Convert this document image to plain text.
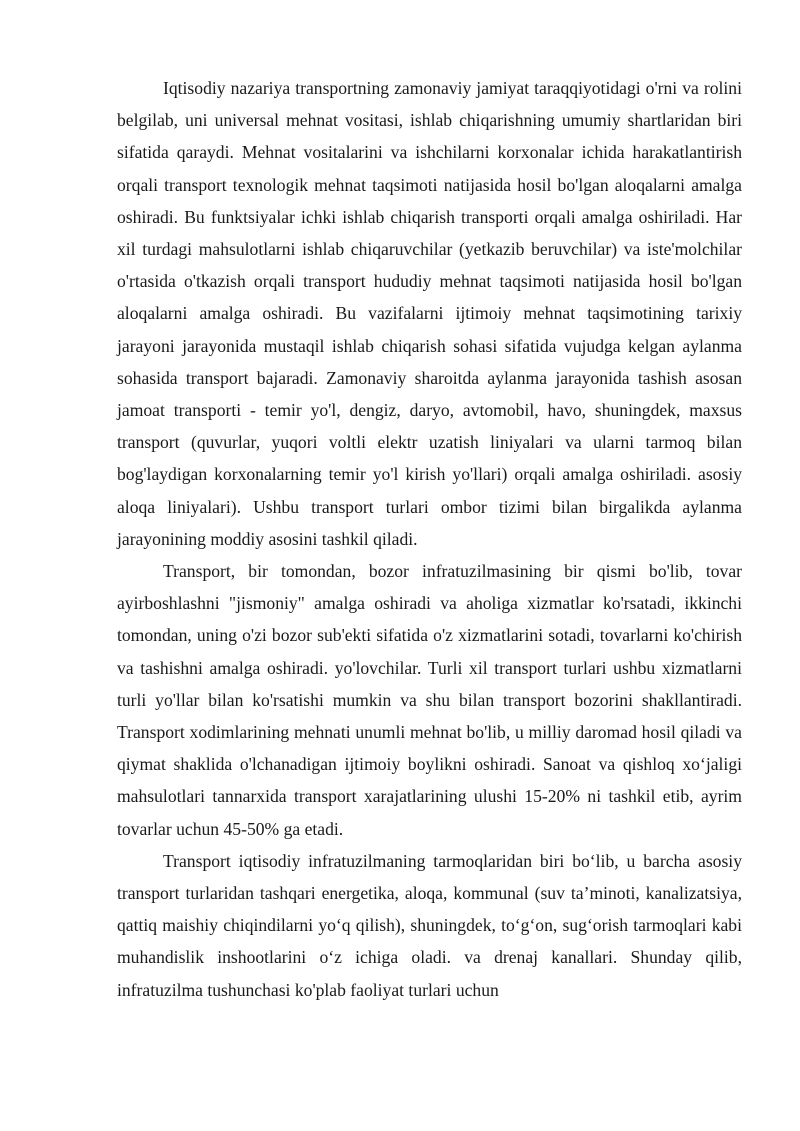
Iqtisodiy nazariya transportning zamonaviy jamiyat taraqqiyotidagi o'rni va rolini belgilab, uni universal mehnat vositasi, ishlab chiqarishning umumiy shartlaridan biri sifatida qaraydi. Mehnat vositalarini va ishchilarni korxonalar ichida harakatlantirish orqali transport texnologik mehnat taqsimoti natijasida hosil bo'lgan aloqalarni amalga oshiradi. Bu funktsiyalar ichki ishlab chiqarish transporti orqali amalga oshiriladi. Har xil turdagi mahsulotlarni ishlab chiqaruvchilar (yetkazib beruvchilar) va iste'molchilar o'rtasida o'tkazish orqali transport hududiy mehnat taqsimoti natijasida hosil bo'lgan aloqalarni amalga oshiradi. Bu vazifalarni ijtimoiy mehnat taqsimotining tarixiy jarayoni jarayonida mustaqil ishlab chiqarish sohasi sifatida vujudga kelgan aylanma sohasida transport bajaradi. Zamonaviy sharoitda aylanma jarayonida tashish asosan jamoat transporti - temir yo'l, dengiz, daryo, avtomobil, havo, shuningdek, maxsus transport (quvurlar, yuqori voltli elektr uzatish liniyalari va ularni tarmoq bilan bog'laydigan korxonalarning temir yo'l kirish yo'llari) orqali amalga oshiriladi. asosiy aloqa liniyalari). Ushbu transport turlari ombor tizimi bilan birgalikda aylanma jarayonining moddiy asosini tashkil qiladi.

Transport, bir tomondan, bozor infratuzilmasining bir qismi bo'lib, tovar ayirboshlashni "jismoniy" amalga oshiradi va aholiga xizmatlar ko'rsatadi, ikkinchi tomondan, uning o'zi bozor sub'ekti sifatida o'z xizmatlarini sotadi, tovarlarni ko'chirish va tashishni amalga oshiradi. yo'lovchilar. Turli xil transport turlari ushbu xizmatlarni turli yo'llar bilan ko'rsatishi mumkin va shu bilan transport bozorini shakllantiradi. Transport xodimlarining mehnati unumli mehnat bo'lib, u milliy daromad hosil qiladi va qiymat shaklida o'lchanadigan ijtimoiy boylikni oshiradi. Sanoat va qishloq xo‘jaligi mahsulotlari tannarxida transport xarajatlarining ulushi 15-20% ni tashkil etib, ayrim tovarlar uchun 45-50% ga etadi.

Transport iqtisodiy infratuzilmaning tarmoqlaridan biri bo‘lib, u barcha asosiy transport turlaridan tashqari energetika, aloqa, kommunal (suv ta’minoti, kanalizatsiya, qattiq maishiy chiqindilarni yo‘q qilish), shuningdek, to‘g‘on, sug‘orish tarmoqlari kabi muhandislik inshootlarini o‘z ichiga oladi. va drenaj kanallari. Shunday qilib, infratuzilma tushunchasi ko'plab faoliyat turlari uchun
